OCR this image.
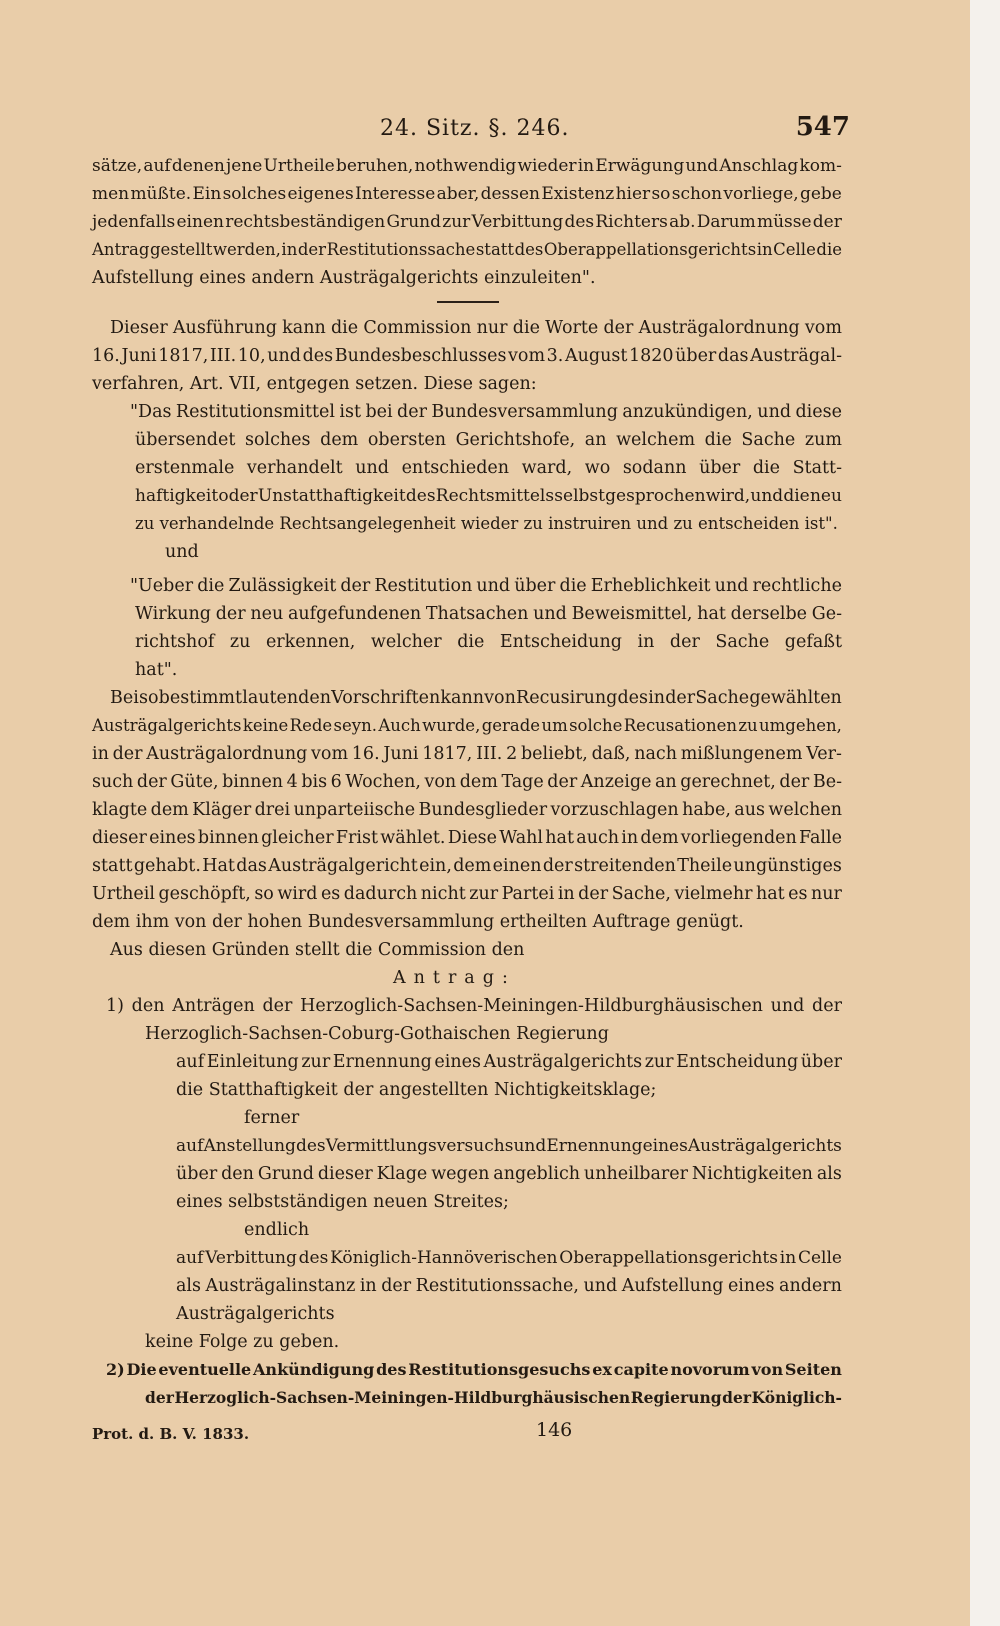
24. Sitz. §. 246.	547
sätze, auf denen jene Urtheile beruhen, nothwendig wieder in Erwägung und Anschlag kom-
men müßte. Ein solches eigenes Interesse aber, dessen Existenz hier so schon vorliege, gebe
jedenfalls einen rechtsbeständigen Grund zur Verbittung des Richters ab. Darum müsse der
Antrag gestellt werden, in der Restitutionssache statt des Oberappellationsgerichts in Celle die
Aufstellung eines andern Austrägalgerichts einzuleiten".
Dieser Ausführung kann die Commission nur die Worte der Austrägalordnung vom
16. Juni 1817, III. 10, und des Bundesbeschlusses vom 3. August 1820 über das Austrägal-
verfahren, Art. VII, entgegen setzen. Diese sagen:
"Das Restitutionsmittel ist bei der Bundesversammlung anzukündigen, und diese
übersendet solches dem obersten Gerichtshofe, an welchem die Sache zum
erstenmale verhandelt und entschieden ward, wo sodann über die Statt-
haftigkeit oder Unstatthaftigkeit des Rechtsmittels selbst gesprochen wird, und die neu
zu verhandelnde Rechtsangelegenheit wieder zu instruiren und zu entscheiden ist".
und
"Ueber die Zulässigkeit der Restitution und über die Erheblichkeit und rechtliche
Wirkung der neu aufgefundenen Thatsachen und Beweismittel, hat derselbe Ge-
richtshof zu erkennen, welcher die Entscheidung in der Sache gefaßt
hat".
Bei so bestimmt lautenden Vorschriften kann von Recusirung des in der Sache gewählten
Austrägalgerichts keine Rede seyn. Auch wurde, gerade um solche Recusationen zu umgehen,
in der Austrägalordnung vom 16. Juni 1817, III. 2 beliebt, daß, nach mißlungenem Ver-
such der Güte, binnen 4 bis 6 Wochen, von dem Tage der Anzeige an gerechnet, der Be-
klagte dem Kläger drei unparteiische Bundesglieder vorzuschlagen habe, aus welchen
dieser eines binnen gleicher Frist wählet. Diese Wahl hat auch in dem vorliegenden Falle
statt gehabt. Hat das Austrägalgericht ein, dem einen der streitenden Theile ungünstiges
Urtheil geschöpft, so wird es dadurch nicht zur Partei in der Sache, vielmehr hat es nur
dem ihm von der hohen Bundesversammlung ertheilten Auftrage genügt.
Aus diesen Gründen stellt die Commission den
Antrag:
1) den Anträgen der Herzoglich-Sachsen-Meiningen-Hildburghäusischen und der
Herzoglich-Sachsen-Coburg-Gothaischen Regierung
auf Einleitung zur Ernennung eines Austrägalgerichts zur Entscheidung über
die Statthaftigkeit der angestellten Nichtigkeitsklage;
ferner
auf Anstellung des Vermittlungsversuchs und Ernennung eines Austrägalgerichts
über den Grund dieser Klage wegen angeblich unheilbarer Nichtigkeiten als
eines selbstständigen neuen Streites;
endlich
auf Verbittung des Königlich-Hannöverischen Oberappellationsgerichts in Celle
als Austrägalinstanz in der Restitutionssache, und Aufstellung eines andern
Austrägalgerichts
keine Folge zu geben.
2) Die eventuelle Ankündigung des Restitutionsgesuchs ex capite novorum von Seiten
der Herzoglich-Sachsen-Meiningen-Hildburghäusischen Regierung der Königlich-
Prot. d. B. V. 1833.	146
